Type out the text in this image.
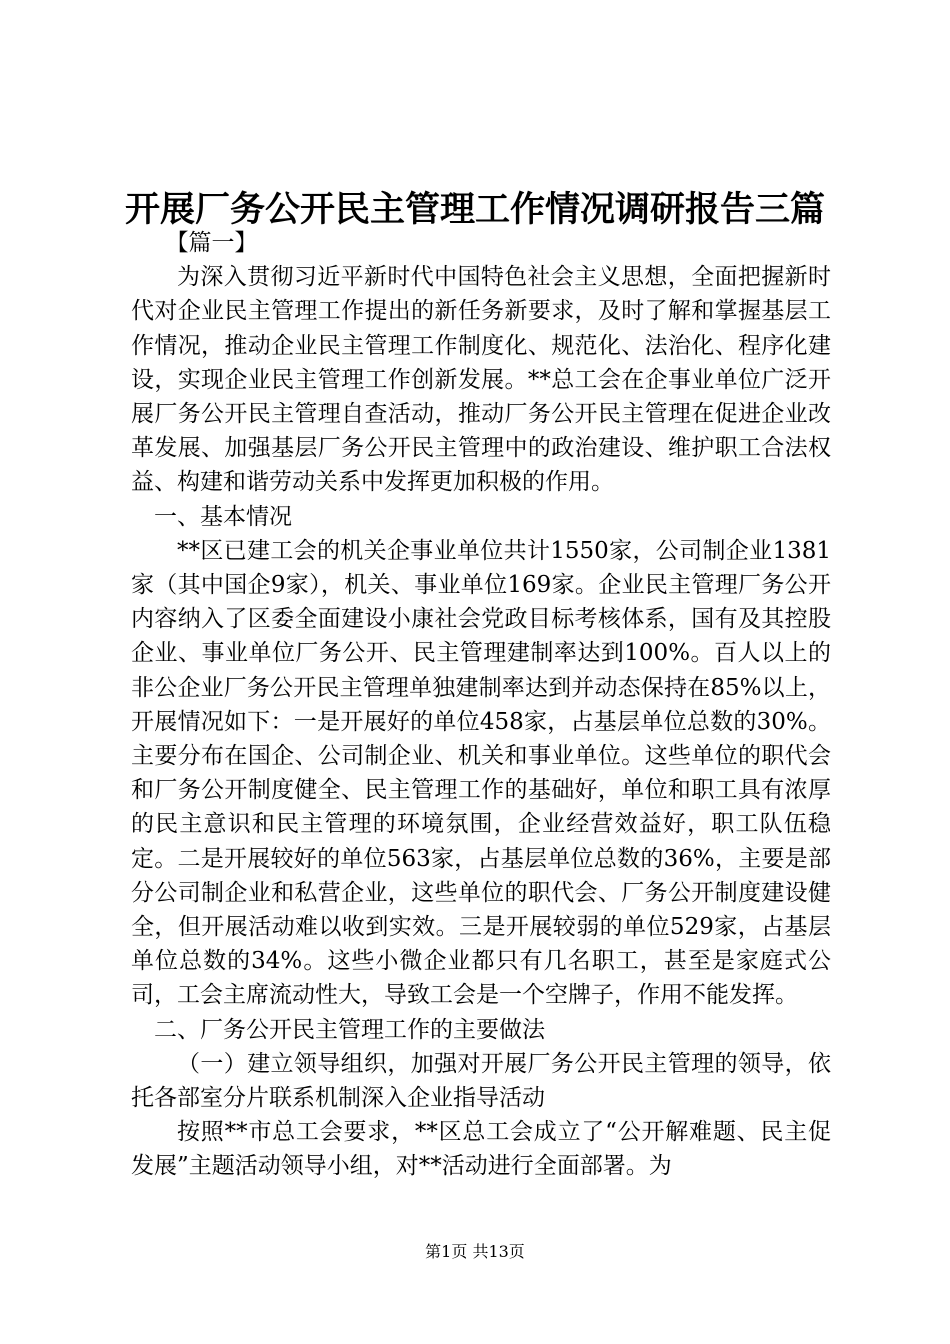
开展厂务公开民主管理工作情况调研报告三篇

【篇一】

为深入贯彻习近平新时代中国特色社会主义思想，全面把握新时代对企业民主管理工作提出的新任务新要求，及时了解和掌握基层工作情况，推动企业民主管理工作制度化、规范化、法治化、程序化建设，实现企业民主管理工作创新发展。**总工会在企事业单位广泛开展厂务公开民主管理自查活动，推动厂务公开民主管理在促进企业改革发展、加强基层厂务公开民主管理中的政治建设、维护职工合法权益、构建和谐劳动关系中发挥更加积极的作用。

一、基本情况

**区已建工会的机关企事业单位共计1550家，公司制企业1381家（其中国企9家），机关、事业单位169家。企业民主管理厂务公开内容纳入了区委全面建设小康社会党政目标考核体系，国有及其控股企业、事业单位厂务公开、民主管理建制率达到100%。百人以上的非公企业厂务公开民主管理单独建制率达到并动态保持在85%以上，开展情况如下：一是开展好的单位458家，占基层单位总数的30%。主要分布在国企、公司制企业、机关和事业单位。这些单位的职代会和厂务公开制度健全、民主管理工作的基础好，单位和职工具有浓厚的民主意识和民主管理的环境氛围，企业经营效益好，职工队伍稳定。二是开展较好的单位563家，占基层单位总数的36%，主要是部分公司制企业和私营企业，这些单位的职代会、厂务公开制度建设健全，但开展活动难以收到实效。三是开展较弱的单位529家，占基层单位总数的34%。这些小微企业都只有几名职工，甚至是家庭式公司，工会主席流动性大，导致工会是一个空牌子，作用不能发挥。

二、厂务公开民主管理工作的主要做法

（一）建立领导组织，加强对开展厂务公开民主管理的领导，依托各部室分片联系机制深入企业指导活动

按照**市总工会要求，**区总工会成立了“公开解难题、民主促发展”主题活动领导小组，对**活动进行全面部署。为

第1页 共13页
